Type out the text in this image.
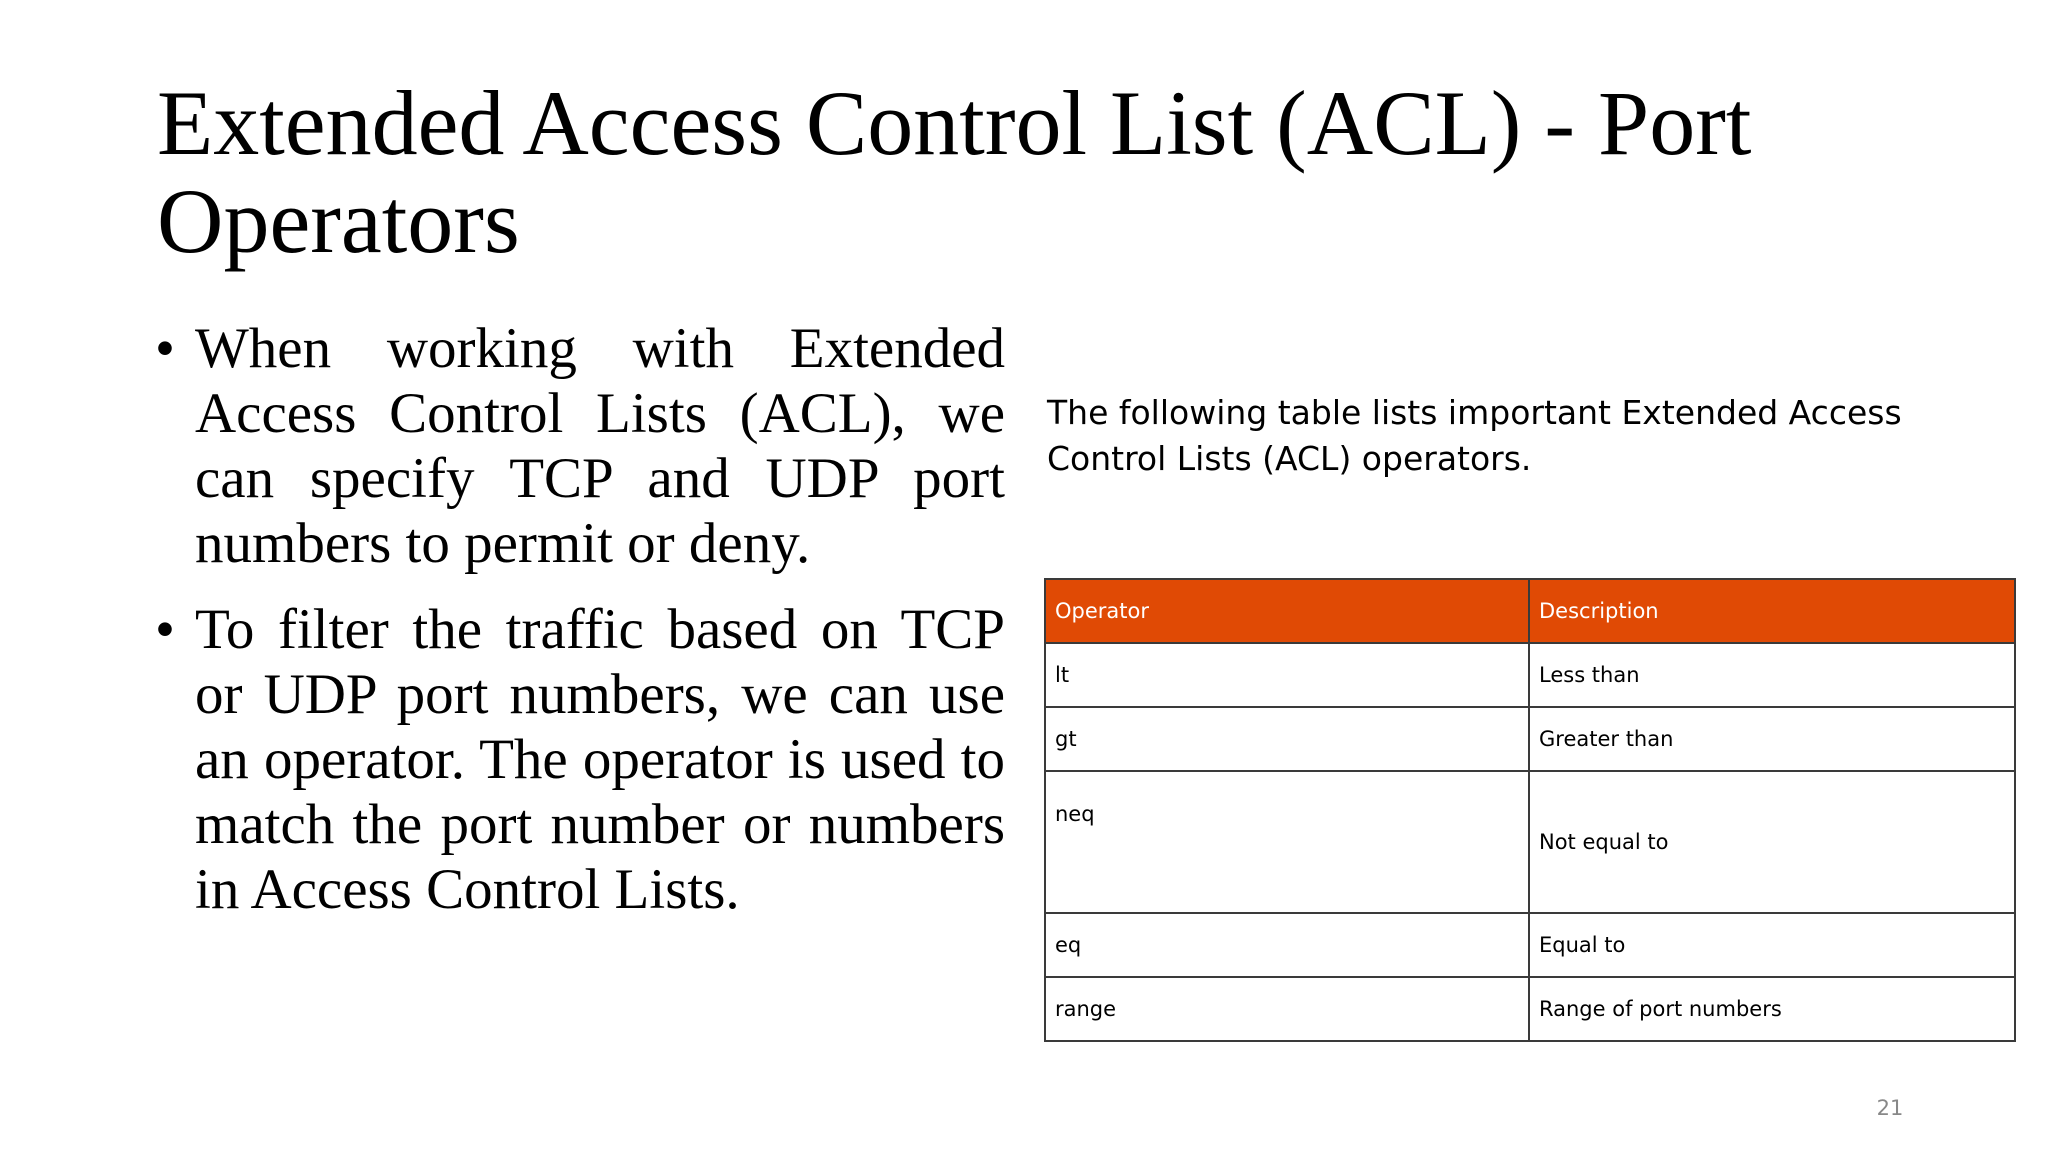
Extended Access Control List (ACL) - Port
Operators
• When working with Extended Access Control Lists (ACL), we can specify TCP and UDP port numbers to permit or deny.
• To filter the traffic based on TCP or UDP port numbers, we can use an operator. The operator is used to match the port number or numbers in Access Control Lists.

The following table lists important Extended Access Control Lists (ACL) operators.

Operator	Description
lt	Less than
gt	Greater than
neq	Not equal to
eq	Equal to
range	Range of port numbers
21
